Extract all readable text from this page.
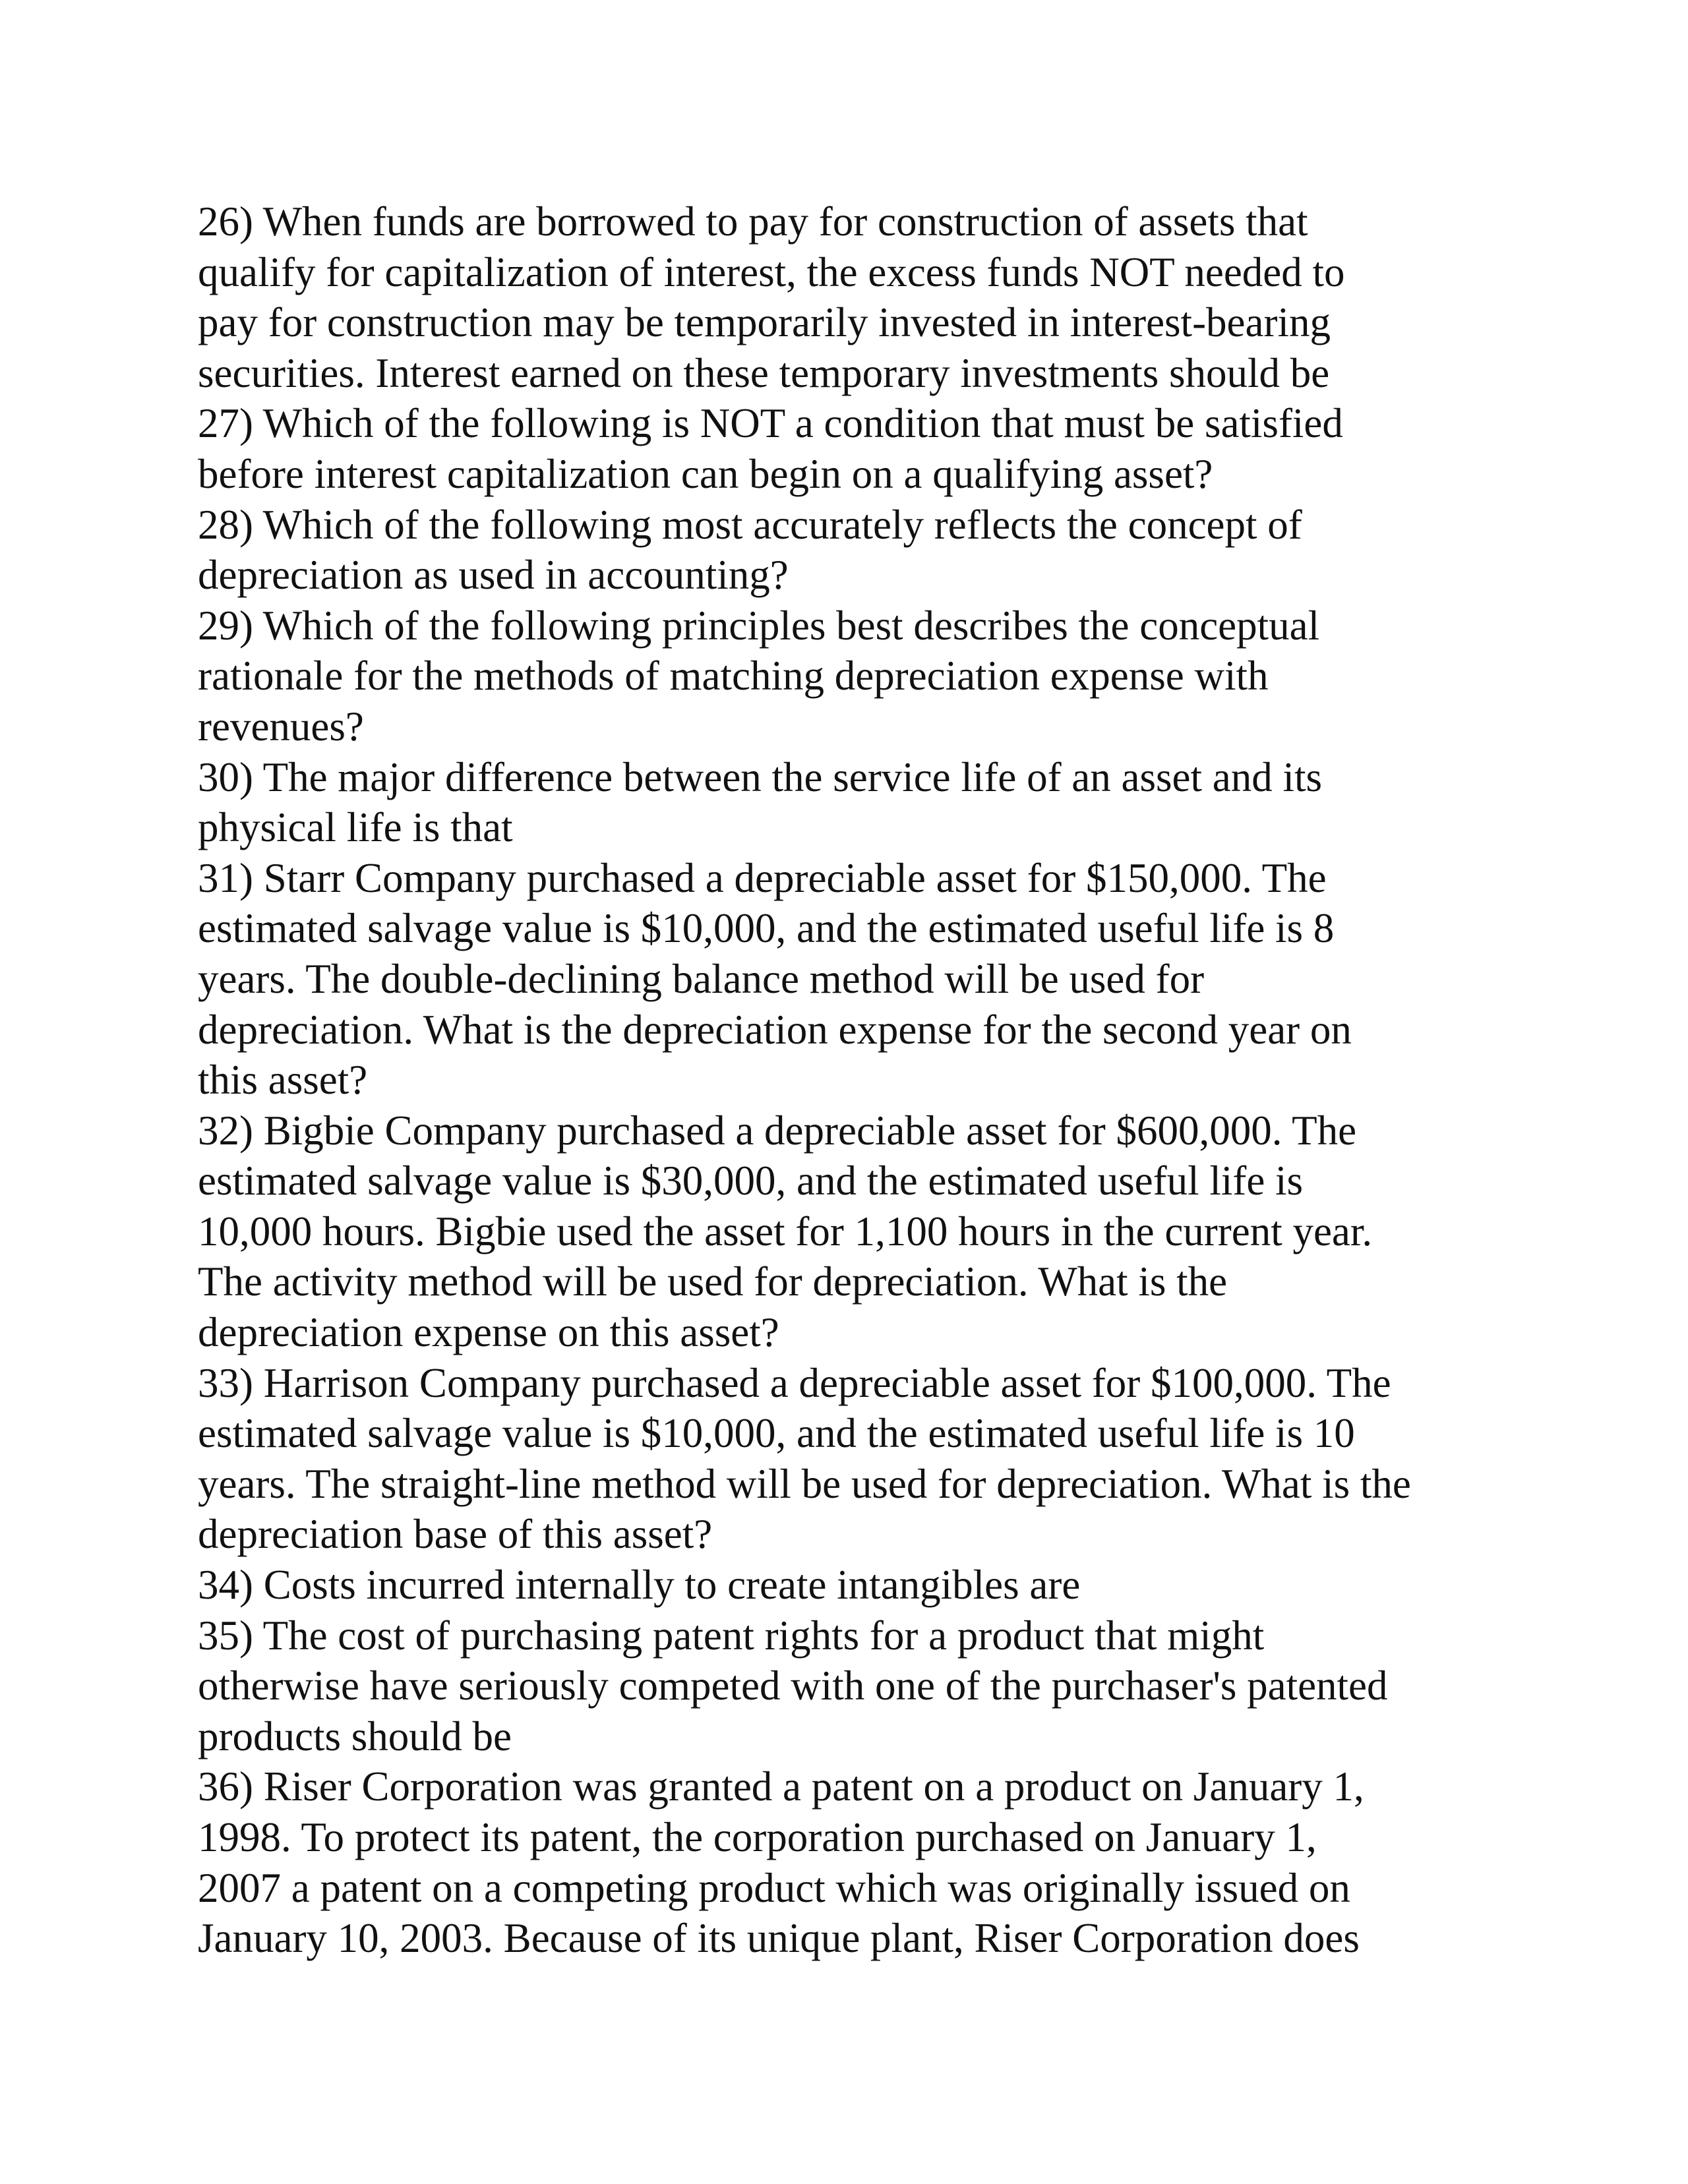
26) When funds are borrowed to pay for construction of assets that
qualify for capitalization of interest, the excess funds NOT needed to
pay for construction may be temporarily invested in interest-bearing
securities. Interest earned on these temporary investments should be
27) Which of the following is NOT a condition that must be satisfied
before interest capitalization can begin on a qualifying asset?
28) Which of the following most accurately reflects the concept of
depreciation as used in accounting?
29) Which of the following principles best describes the conceptual
rationale for the methods of matching depreciation expense with
revenues?
30) The major difference between the service life of an asset and its
physical life is that
31) Starr Company purchased a depreciable asset for $150,000. The
estimated salvage value is $10,000, and the estimated useful life is 8
years. The double-declining balance method will be used for
depreciation. What is the depreciation expense for the second year on
this asset?
32) Bigbie Company purchased a depreciable asset for $600,000. The
estimated salvage value is $30,000, and the estimated useful life is
10,000 hours. Bigbie used the asset for 1,100 hours in the current year.
The activity method will be used for depreciation. What is the
depreciation expense on this asset?
33) Harrison Company purchased a depreciable asset for $100,000. The
estimated salvage value is $10,000, and the estimated useful life is 10
years. The straight-line method will be used for depreciation. What is the
depreciation base of this asset?
34) Costs incurred internally to create intangibles are
35) The cost of purchasing patent rights for a product that might
otherwise have seriously competed with one of the purchaser's patented
products should be
36) Riser Corporation was granted a patent on a product on January 1,
1998. To protect its patent, the corporation purchased on January 1,
2007 a patent on a competing product which was originally issued on
January 10, 2003. Because of its unique plant, Riser Corporation does
